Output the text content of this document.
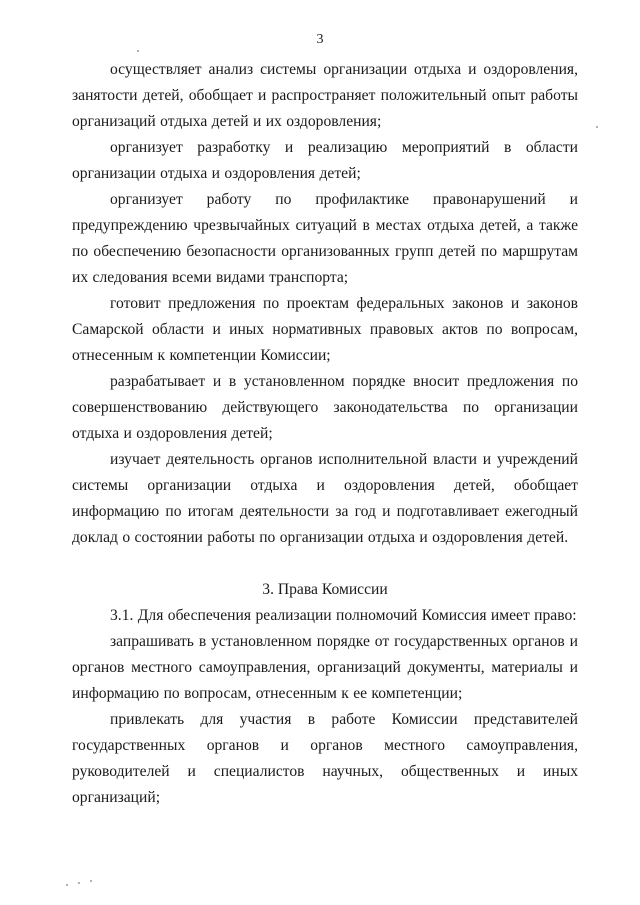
3

осуществляет анализ системы организации отдыха и оздоровления, занятости детей, обобщает и распространяет положительный опыт работы организаций отдыха детей и их оздоровления;

организует разработку и реализацию мероприятий в области организации отдыха и оздоровления детей;

организует работу по профилактике правонарушений и предупреждению чрезвычайных ситуаций в местах отдыха детей, а также по обеспечению безопасности организованных групп детей по маршрутам их следования всеми видами транспорта;

готовит предложения по проектам федеральных законов и законов Самарской области и иных нормативных правовых актов по вопросам, отнесенным к компетенции Комиссии;

разрабатывает и в установленном порядке вносит предложения по совершенствованию действующего законодательства по организации отдыха и оздоровления детей;

изучает деятельность органов исполнительной власти и учреждений системы организации отдыха и оздоровления детей, обобщает информацию по итогам деятельности за год и подготавливает ежегодный доклад о состоянии работы по организации отдыха и оздоровления детей.

3. Права Комиссии

3.1. Для обеспечения реализации полномочий Комиссия имеет право:

запрашивать в установленном порядке от государственных органов и органов местного самоуправления, организаций документы, материалы и информацию по вопросам, отнесенным к ее компетенции;

привлекать для участия в работе Комиссии представителей государственных органов и органов местного самоуправления, руководителей и специалистов научных, общественных и иных организаций;
